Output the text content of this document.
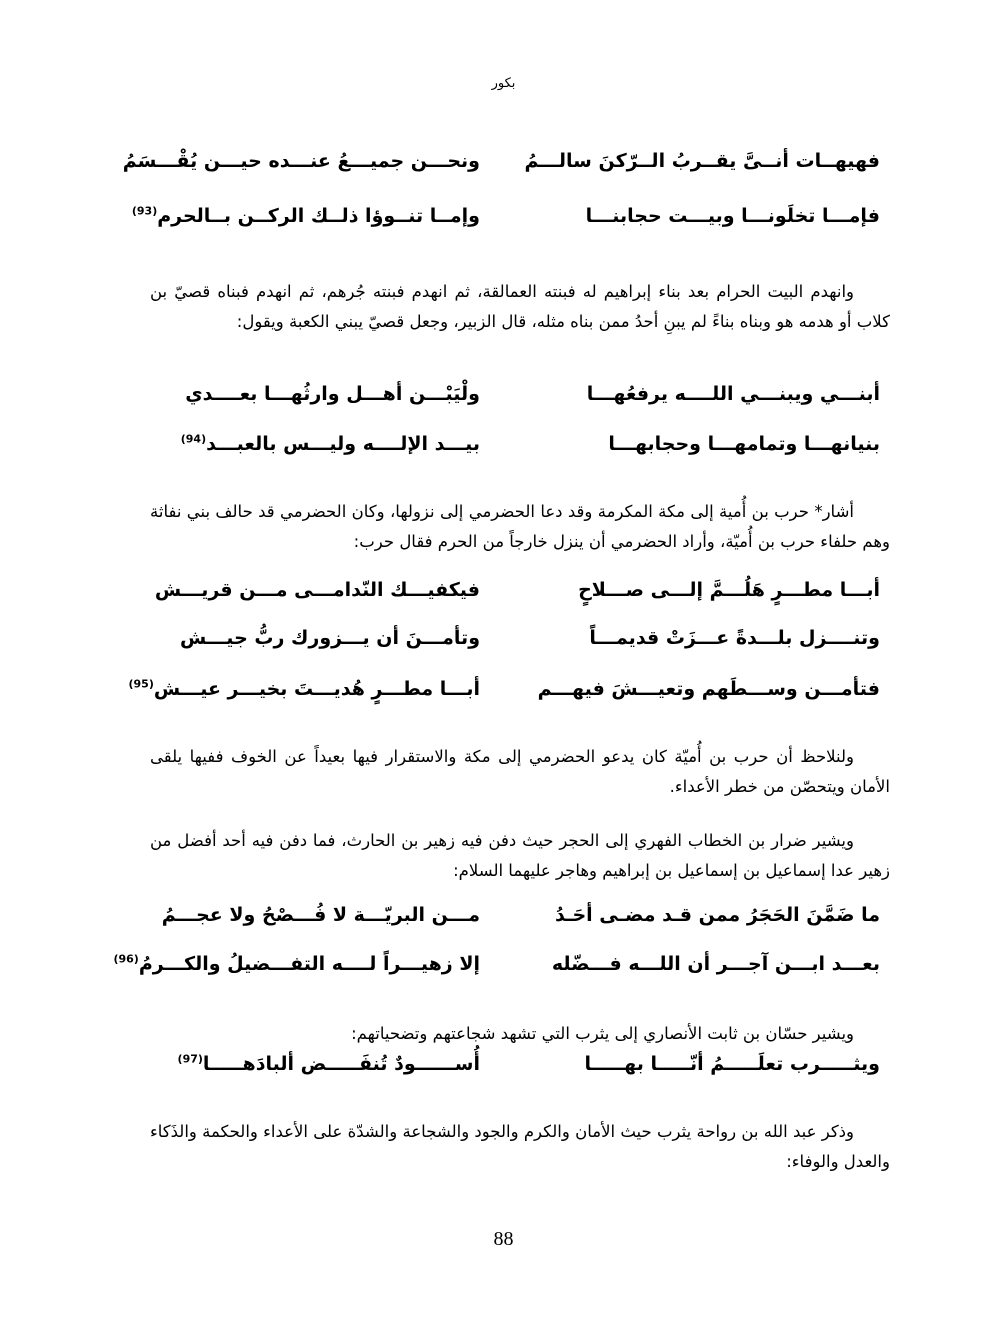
بكور
فهيهــات أنــىَّ يقــربُ الــرّكنَ سالـــمُ
ونحـــن جميـــعُ عنـــده حيـــن يُقْـــسَمُ
فإمـــا تخلَونـــا وبيـــت حجابنـــا
وإمــا تنــوؤا ذلــك الركــن بــالحرم$^{(93)}$
وانهدم البيت الحرام بعد بناء إبراهيم له فبنته العمالقة، ثم انهدم فبنته جُرهم، ثم انهدم فبناه قصيّ بن كلاب أو هدمه هو وبناه بناءً لم يبنِ أحدُ ممن بناه مثله، قال الزبير، وجعل قصيّ يبني الكعبة ويقول:
أبنـــي ويبنـــي اللــــه يرفعُهـــا
ولْيَبْـــن أهـــل وارثُهـــا بعــــدي
بنيانهـــا وتمامهـــا وحجابهـــا
بيـــد الإلــــه وليـــس بالعبـــد$^{(94)}$
أشار* حرب بن أُمية إلى مكة المكرمة وقد دعا الحضرمي إلى نزولها، وكان الحضرمي قد حالف بني نفاثة وهم حلفاء حرب بن أُميّة، وأراد الحضرمي أن ينزل خارجاً من الحرم فقال حرب:
أبـــا مطـــرٍ هَلُـــمَّ إلـــى صـــلاحٍ
فيكفيـــك النّدامـــى مـــن قريـــش
وتنــــزل بلـــدةً عـــزَتْ قديمـــاً
وتأمـــنَ أن يـــزورك ربُّ جيـــش
فتأمـــن وســـطَهم وتعيـــشَ فيهـــم
أبـــا مطـــرٍ هُديـــتَ بخيـــر عيـــش$^{(95)}$
ولنلاحظ أن حرب بن أُميّة كان يدعو الحضرمي إلى مكة والاستقرار فيها بعيداً عن الخوف ففيها يلقى الأمان ويتحصّن من خطر الأعداء.
ويشير ضرار بن الخطاب الفهري إلى الحجر حيث دفن فيه زهير بن الحارث، فما دفن فيه أحد أفضل من زهير عدا إسماعيل بن إسماعيل بن إبراهيم وهاجر عليهما السلام:
ما ضَمَّنَ الحَجَرُ ممن قـد مضـى أحَـدُ
مـــن البريّـــة لا فُـــصْحُ ولا عجـــمُ
بعـــد ابـــن آجـــر أن اللـــه فـــضّله
إلا زهيـــراً لــــه التفـــضيلُ والكـــرمُ$^{(96)}$
ويشير حسّان بن ثابت الأنصاري إلى يثرب التي تشهد شجاعتهم وتضحياتهم:
ويثـــــرب تعلَـــــمُ أنّـــــا بهـــــا
أُســــــودٌ تُنفَـــــض ألبادَهـــــا$^{(97)}$
وذكر عبد الله بن رواحة يثرب حيث الأمان والكرم والجود والشجاعة والشدّة على الأعداء والحكمة والذَكاء والعدل والوفاء:
88
